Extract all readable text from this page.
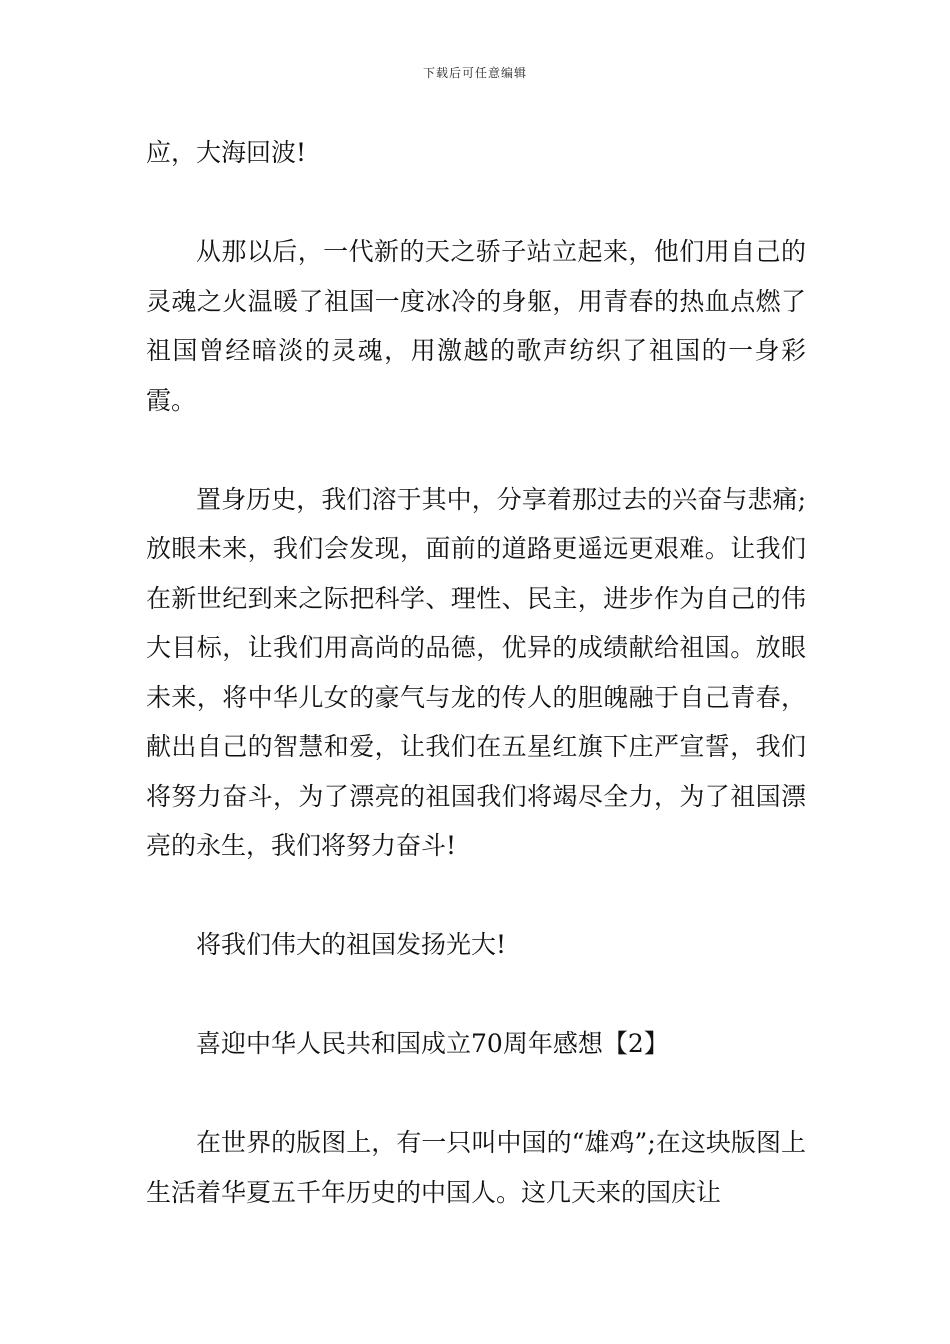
下载后可任意编辑

应，大海回波!

从那以后，一代新的天之骄子站立起来，他们用自己的灵魂之火温暖了祖国一度冰冷的身躯，用青春的热血点燃了祖国曾经暗淡的灵魂，用激越的歌声纺织了祖国的一身彩霞。

置身历史，我们溶于其中，分享着那过去的兴奋与悲痛;放眼未来，我们会发现，面前的道路更遥远更艰难。让我们在新世纪到来之际把科学、理性、民主，进步作为自己的伟大目标，让我们用高尚的品德，优异的成绩献给祖国。放眼未来，将中华儿女的豪气与龙的传人的胆魄融于自己青春，献出自己的智慧和爱，让我们在五星红旗下庄严宣誓，我们将努力奋斗，为了漂亮的祖国我们将竭尽全力，为了祖国漂亮的永生，我们将努力奋斗!

将我们伟大的祖国发扬光大!

喜迎中华人民共和国成立70周年感想【2】

在世界的版图上，有一只叫中国的“雄鸡”;在这块版图上生活着华夏五千年历史的中国人。这几天来的国庆让
